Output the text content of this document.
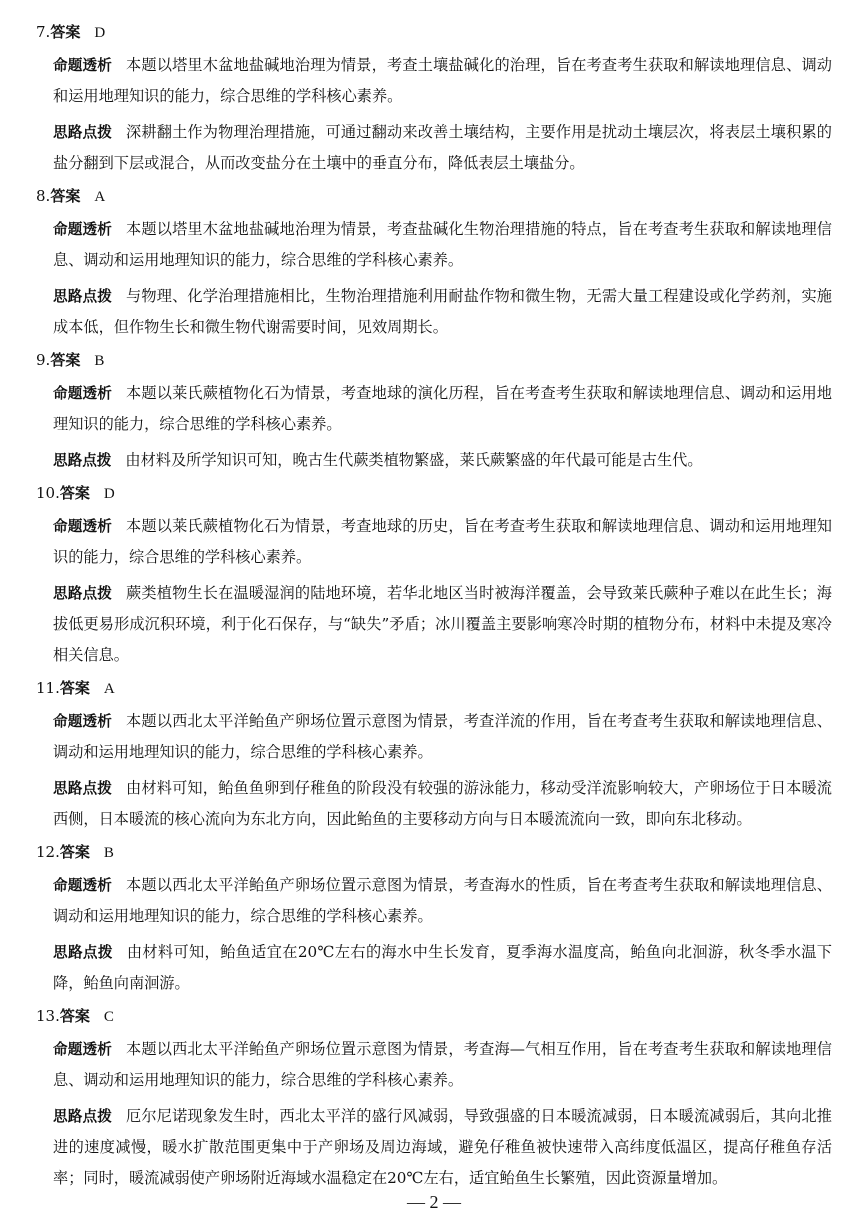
7.答案 D

命题透析 本题以塔里木盆地盐碱地治理为情景，考查土壤盐碱化的治理，旨在考查考生获取和解读地理信息、调动和运用地理知识的能力，综合思维的学科核心素养。

思路点拨 深耕翻土作为物理治理措施，可通过翻动来改善土壤结构，主要作用是扰动土壤层次，将表层土壤积累的盐分翻到下层或混合，从而改变盐分在土壤中的垂直分布，降低表层土壤盐分。

8.答案 A

命题透析 本题以塔里木盆地盐碱地治理为情景，考查盐碱化生物治理措施的特点，旨在考查考生获取和解读地理信息、调动和运用地理知识的能力，综合思维的学科核心素养。

思路点拨 与物理、化学治理措施相比，生物治理措施利用耐盐作物和微生物，无需大量工程建设或化学药剂，实施成本低，但作物生长和微生物代谢需要时间，见效周期长。

9.答案 B

命题透析 本题以莱氏蕨植物化石为情景，考查地球的演化历程，旨在考查考生获取和解读地理信息、调动和运用地理知识的能力，综合思维的学科核心素养。

思路点拨 由材料及所学知识可知，晚古生代蕨类植物繁盛，莱氏蕨繁盛的年代最可能是古生代。

10.答案 D

命题透析 本题以莱氏蕨植物化石为情景，考查地球的历史，旨在考查考生获取和解读地理信息、调动和运用地理知识的能力，综合思维的学科核心素养。

思路点拨 蕨类植物生长在温暖湿润的陆地环境，若华北地区当时被海洋覆盖，会导致莱氏蕨种子难以在此生长；海拔低更易形成沉积环境，利于化石保存，与“缺失”矛盾；冰川覆盖主要影响寒冷时期的植物分布，材料中未提及寒冷相关信息。

11.答案 A

命题透析 本题以西北太平洋鲐鱼产卵场位置示意图为情景，考查洋流的作用，旨在考查考生获取和解读地理信息、调动和运用地理知识的能力，综合思维的学科核心素养。

思路点拨 由材料可知，鲐鱼鱼卵到仔稚鱼的阶段没有较强的游泳能力，移动受洋流影响较大，产卵场位于日本暖流西侧，日本暖流的核心流向为东北方向，因此鲐鱼的主要移动方向与日本暖流流向一致，即向东北移动。

12.答案 B

命题透析 本题以西北太平洋鲐鱼产卵场位置示意图为情景，考查海水的性质，旨在考查考生获取和解读地理信息、调动和运用地理知识的能力，综合思维的学科核心素养。

思路点拨 由材料可知，鲐鱼适宜在20℃左右的海水中生长发育，夏季海水温度高，鲐鱼向北洄游，秋冬季水温下降，鲐鱼向南洄游。

13.答案 C

命题透析 本题以西北太平洋鲐鱼产卵场位置示意图为情景，考查海—气相互作用，旨在考查考生获取和解读地理信息、调动和运用地理知识的能力，综合思维的学科核心素养。

思路点拨 厄尔尼诺现象发生时，西北太平洋的盛行风减弱，导致强盛的日本暖流减弱，日本暖流减弱后，其向北推进的速度减慢，暖水扩散范围更集中于产卵场及周边海域，避免仔稚鱼被快速带入高纬度低温区，提高仔稚鱼存活率；同时，暖流减弱使产卵场附近海域水温稳定在20℃左右，适宜鲐鱼生长繁殖，因此资源量增加。

— 2 —
